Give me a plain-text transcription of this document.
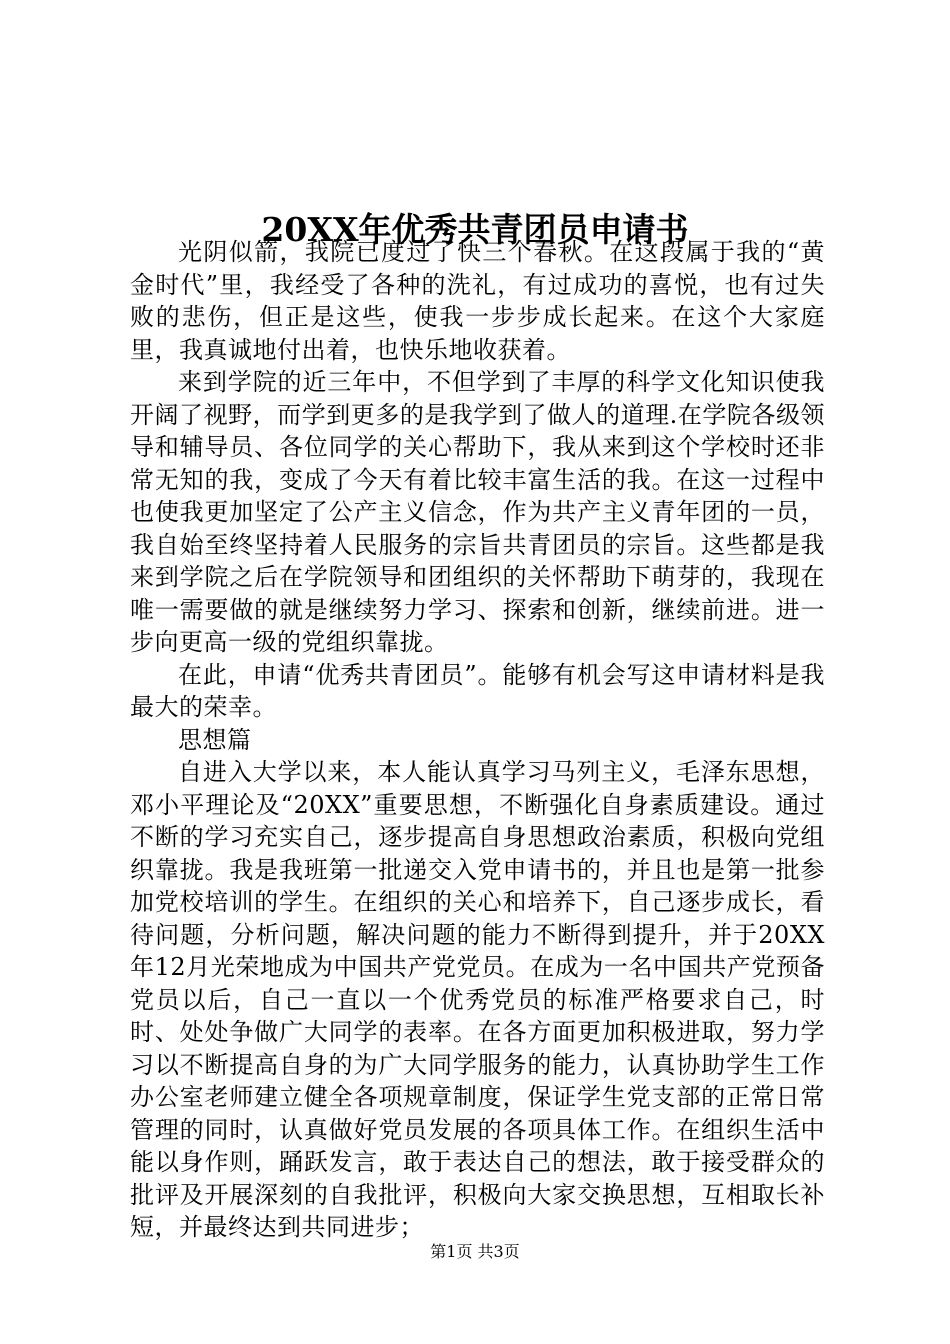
20XX年优秀共青团员申请书

光阴似箭，我院已度过了快三个春秋。在这段属于我的“黄金时代”里，我经受了各种的洗礼，有过成功的喜悦，也有过失败的悲伤，但正是这些，使我一步步成长起来。在这个大家庭里，我真诚地付出着，也快乐地收获着。

来到学院的近三年中，不但学到了丰厚的科学文化知识使我开阔了视野，而学到更多的是我学到了做人的道理.在学院各级领导和辅导员、各位同学的关心帮助下，我从来到这个学校时还非常无知的我，变成了今天有着比较丰富生活的我。在这一过程中也使我更加坚定了公产主义信念，作为共产主义青年团的一员，我自始至终坚持着人民服务的宗旨共青团员的宗旨。这些都是我来到学院之后在学院领导和团组织的关怀帮助下萌芽的，我现在唯一需要做的就是继续努力学习、探索和创新，继续前进。进一步向更高一级的党组织靠拢。

在此，申请“优秀共青团员”。能够有机会写这申请材料是我最大的荣幸。

思想篇

自进入大学以来，本人能认真学习马列主义，毛泽东思想，邓小平理论及“20XX”重要思想，不断强化自身素质建设。通过不断的学习充实自己，逐步提高自身思想政治素质，积极向党组织靠拢。我是我班第一批递交入党申请书的，并且也是第一批参加党校培训的学生。在组织的关心和培养下，自己逐步成长，看待问题，分析问题，解决问题的能力不断得到提升，并于20XX年12月光荣地成为中国共产党党员。在成为一名中国共产党预备党员以后，自己一直以一个优秀党员的标准严格要求自己，时时、处处争做广大同学的表率。在各方面更加积极进取，努力学习以不断提高自身的为广大同学服务的能力，认真协助学生工作办公室老师建立健全各项规章制度，保证学生党支部的正常日常管理的同时，认真做好党员发展的各项具体工作。在组织生活中能以身作则，踊跃发言，敢于表达自己的想法，敢于接受群众的批评及开展深刻的自我批评，积极向大家交换思想，互相取长补短，并最终达到共同进步；

第1页 共3页
